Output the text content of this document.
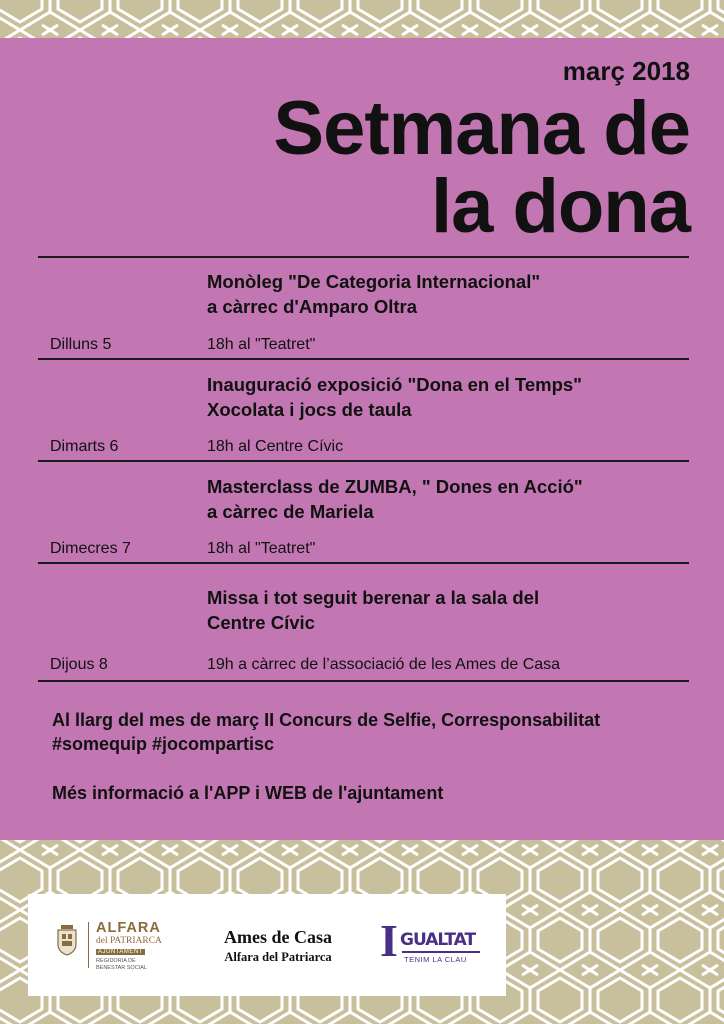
març 2018
Setmana de
la dona
Monòleg "De Categoria Internacional"
a càrrec d'Amparo Oltra
Dilluns 5	18h al "Teatret"
Inauguració exposició "Dona en el Temps"
Xocolata i jocs de taula
Dimarts 6	18h al Centre Cívic
Masterclass de ZUMBA, " Dones en Acció"
a càrrec de Mariela
Dimecres 7	18h al "Teatret"
Missa i tot seguit berenar a la sala del
Centre Cívic
Dijous 8	19h a càrrec de l’associació de les Ames de Casa
Al llarg del mes de març II Concurs de Selfie, Corresponsabilitat
#somequip #jocompartisc
Més informació a l'APP i WEB de l'ajuntament
ALFARA
del PATRIARCA
AJUNTAMENT
REGIDORIA DE BENESTAR SOCIAL
Ames de Casa
Alfara del Patriarca	I GUALTAT
TENIM LA CLAU
